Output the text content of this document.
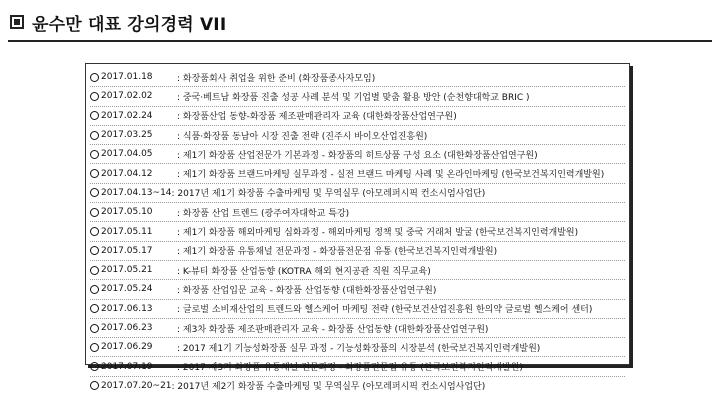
윤수만 대표 강의경력 VII
2017.01.18	: 화장품회사 취업을 위한 준비 (화장품종사자모임)
2017.02.02	: 중국·베트남 화장품 진출 성공 사례 분석 및 기업별 맞춤 활용 방안 (순천향대학교 BRIC )
2017.02.24	: 화장품산업 동향-화장품 제조판매관리자 교육 (대한화장품산업연구원)
2017.03.25	: 식품·화장품 동남아 시장 진출 전략 (진주시 바이오산업진흥원)
2017.04.05	: 제1기 화장품 산업전문가 기본과정 - 화장품의 히트상품 구성 요소 (대한화장품산업연구원)
2017.04.12	: 제1기 화장품 브랜드마케팅 실무과정 - 실전 브랜드 마케팅 사례 및 온라인마케팅 (한국보건복지인력개발원)
2017.04.13~14 : 2017년 제1기 화장품 수출마케팅 및 무역실무 (아모레퍼시픽 컨소시엄사업단)
2017.05.10	: 화장품 산업 트렌드 (광주여자대학교 특강)
2017.05.11	: 제1기 화장품 해외마케팅 심화과정 - 해외마케팅 정책 및 중국 거래처 발굴 (한국보건복지인력개발원)
2017.05.17	: 제1기 화장품 유통채널 전문과정 - 화장품전문점 유통 (한국보건복지인력개발원)
2017.05.21	: K-뷰티 화장품 산업동향 (KOTRA 해외 현지공관 직원 직무교육)
2017.05.24	: 화장품 산업입문 교육 - 화장품 산업동향 (대한화장품산업연구원)
2017.06.13	: 글로벌 소비재산업의 트렌드와 헬스케어 마케팅 전략 (한국보건산업진흥원 한의약 글로벌 헬스케어 센터)
2017.06.23	: 제3차 화장품 제조판매관리자 교육 - 화장품 산업동향 (대한화장품산업연구원)
2017.06.29	: 2017 제1기 기능성화장품 실무 과정 - 기능성화장품의 시장분석 (한국보건복지인력개발원)
2017.07.19	: 2017 제3기 화장품 유통채널 전문과정 - 화장품전문점 유통 (한국보건복지인력개발원)
2017.07.20~21 : 2017년 제2기 화장품 수출마케팅 및 무역실무 (아모레퍼시픽 컨소시엄사업단)
